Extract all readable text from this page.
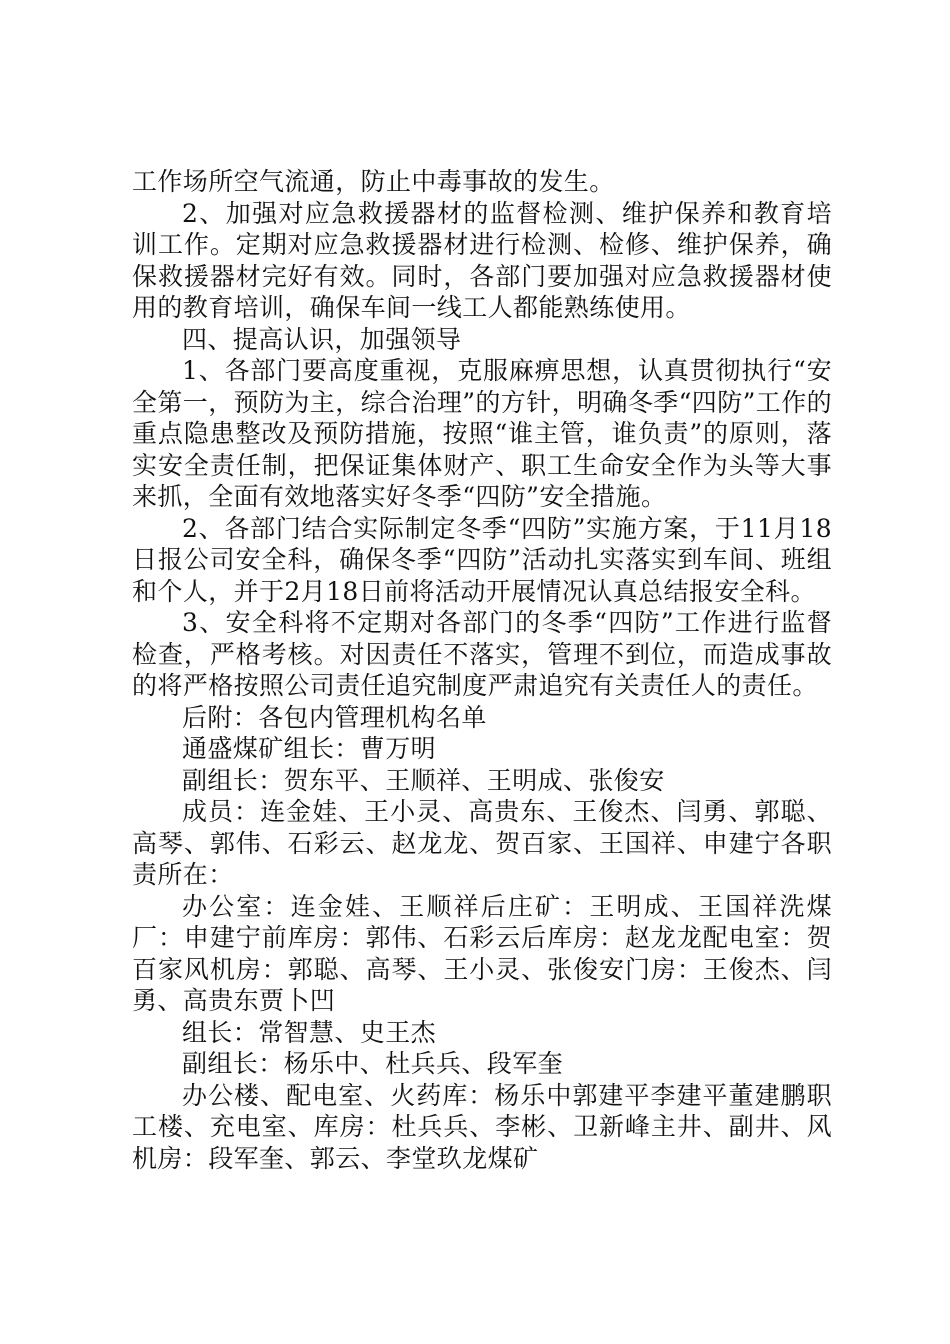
工作场所空气流通，防止中毒事故的发生。

2、加强对应急救援器材的监督检测、维护保养和教育培训工作。定期对应急救援器材进行检测、检修、维护保养，确保救援器材完好有效。同时，各部门要加强对应急救援器材使用的教育培训，确保车间一线工人都能熟练使用。

四、提高认识，加强领导

1、各部门要高度重视，克服麻痹思想，认真贯彻执行“安全第一，预防为主，综合治理”的方针，明确冬季“四防”工作的重点隐患整改及预防措施，按照“谁主管，谁负责”的原则，落实安全责任制，把保证集体财产、职工生命安全作为头等大事来抓，全面有效地落实好冬季“四防”安全措施。

2、各部门结合实际制定冬季“四防”实施方案，于11月18日报公司安全科，确保冬季“四防”活动扎实落实到车间、班组和个人，并于2月18日前将活动开展情况认真总结报安全科。

3、安全科将不定期对各部门的冬季“四防”工作进行监督检查，严格考核。对因责任不落实，管理不到位，而造成事故的将严格按照公司责任追究制度严肃追究有关责任人的责任。

后附：各包内管理机构名单

通盛煤矿组长：曹万明

副组长：贺东平、王顺祥、王明成、张俊安

成员：连金娃、王小灵、高贵东、王俊杰、闫勇、郭聪、高琴、郭伟、石彩云、赵龙龙、贺百家、王国祥、申建宁各职责所在：

办公室：连金娃、王顺祥后庄矿：王明成、王国祥洗煤厂：申建宁前库房：郭伟、石彩云后库房：赵龙龙配电室：贺百家风机房：郭聪、高琴、王小灵、张俊安门房：王俊杰、闫勇、高贵东贾卜凹

组长：常智慧、史王杰

副组长：杨乐中、杜兵兵、段军奎

办公楼、配电室、火药库：杨乐中郭建平李建平董建鹏职工楼、充电室、库房：杜兵兵、李彬、卫新峰主井、副井、风机房：段军奎、郭云、李堂玖龙煤矿
